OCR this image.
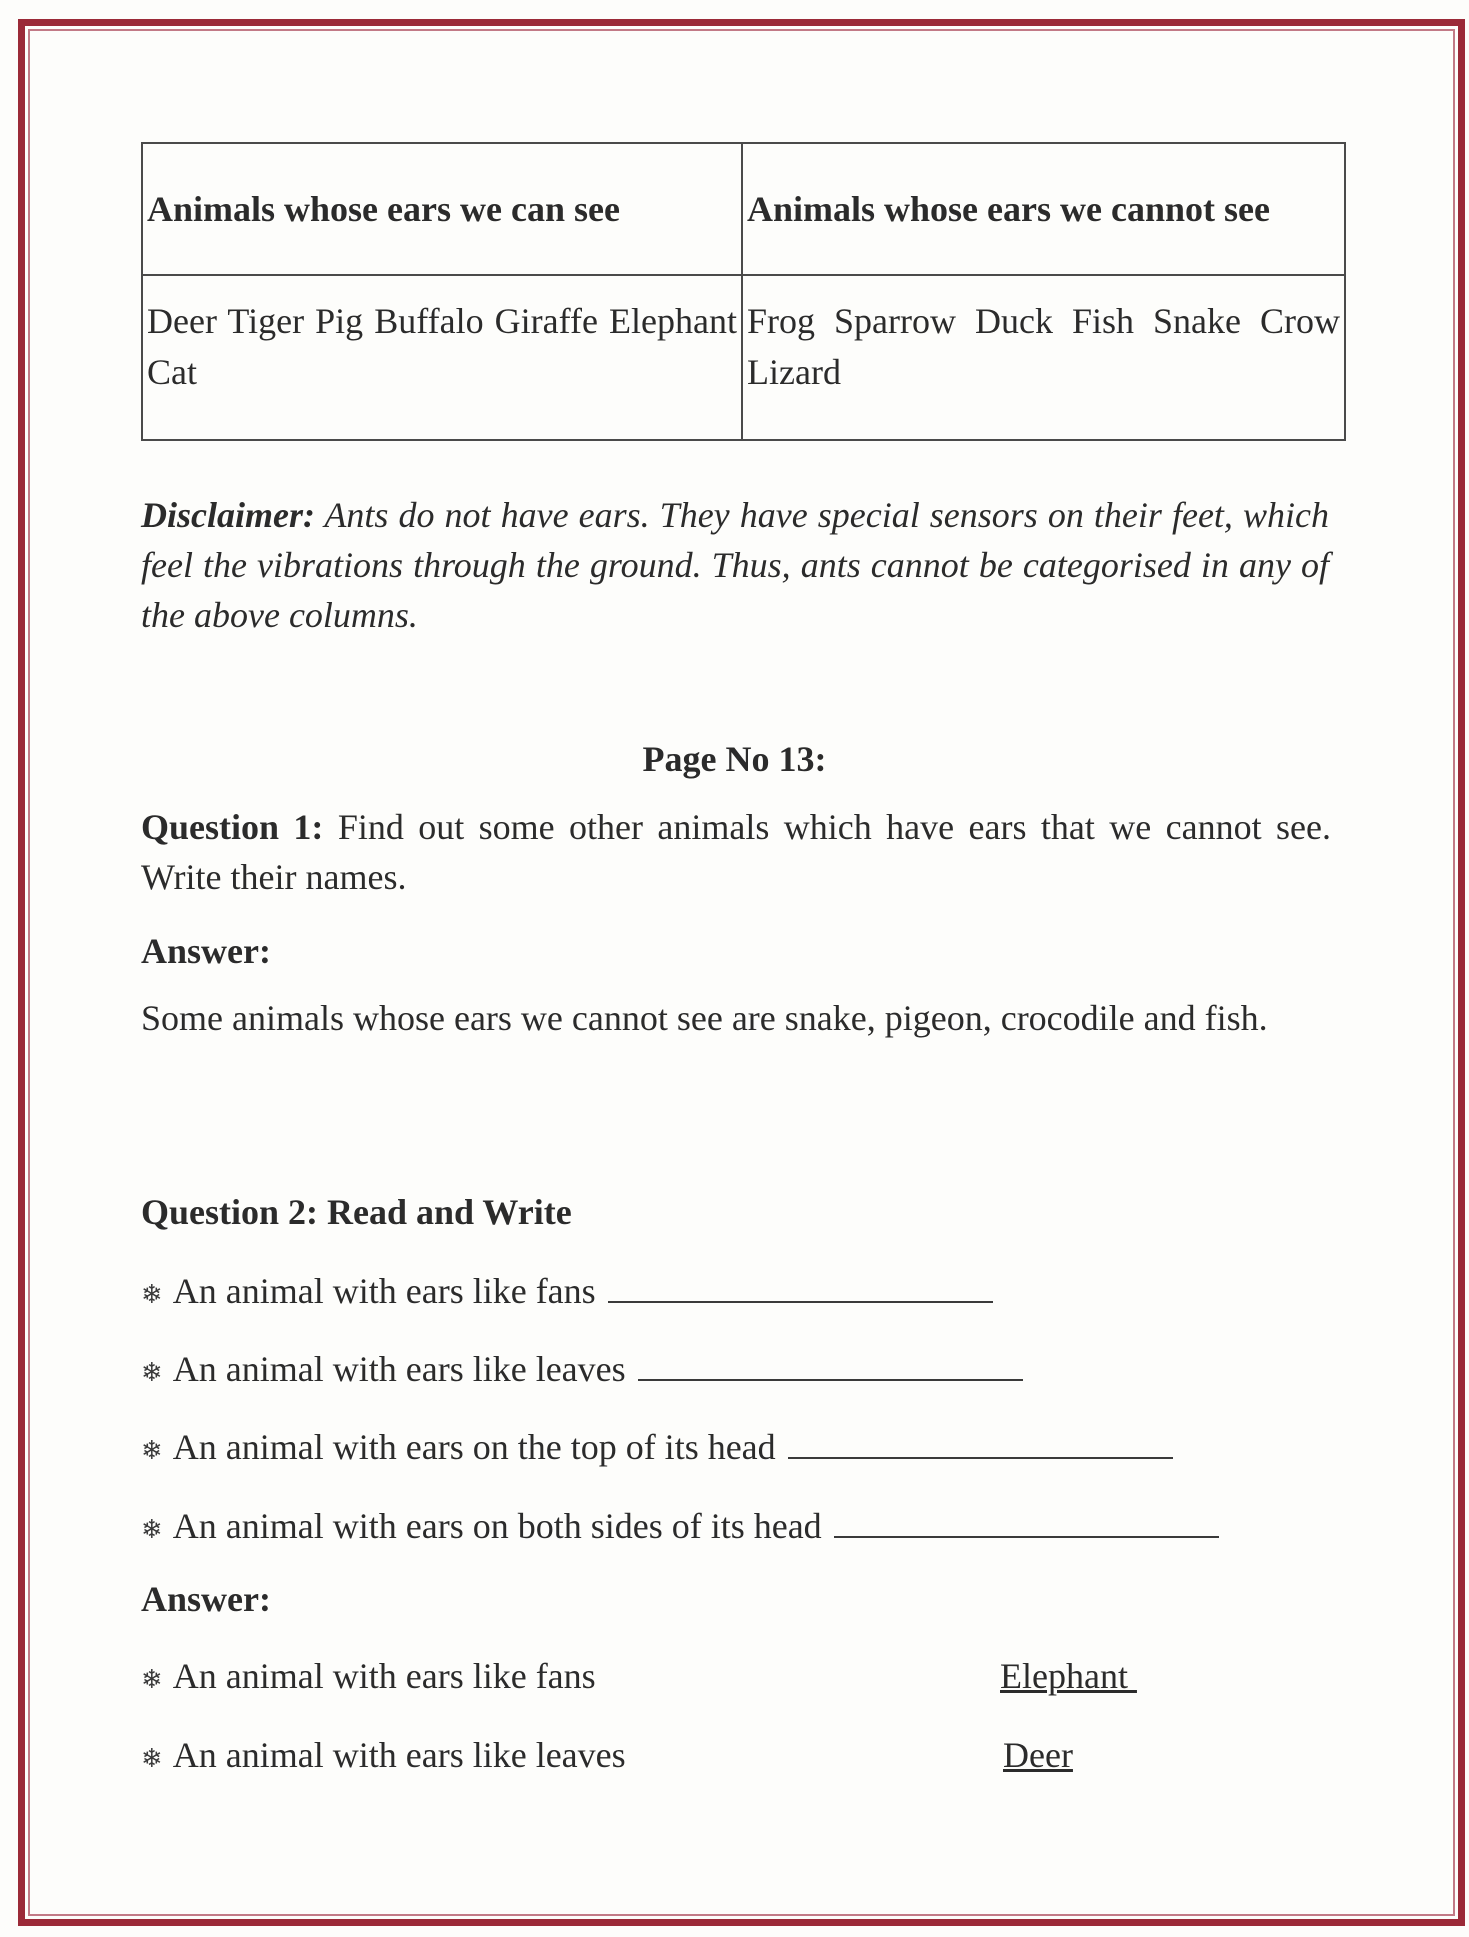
Animals whose ears we can see	Animals whose ears we cannot see
Deer Tiger Pig Buffalo Giraffe Elephant Cat	Frog Sparrow Duck Fish Snake Crow Lizard
Disclaimer: Ants do not have ears. They have special sensors on their feet, which feel the vibrations through the ground. Thus, ants cannot be categorised in any of the above columns.
Page No 13:
Question 1: Find out some other animals which have ears that we cannot see. Write their names.
Answer:
Some animals whose ears we cannot see are snake, pigeon, crocodile and fish.
Question 2: Read and Write
❄ An animal with ears like fans
❄ An animal with ears like leaves
❄ An animal with ears on the top of its head
❄ An animal with ears on both sides of its head
Answer:
❄ An animal with ears like fans	Elephant
❄ An animal with ears like leaves	Deer
